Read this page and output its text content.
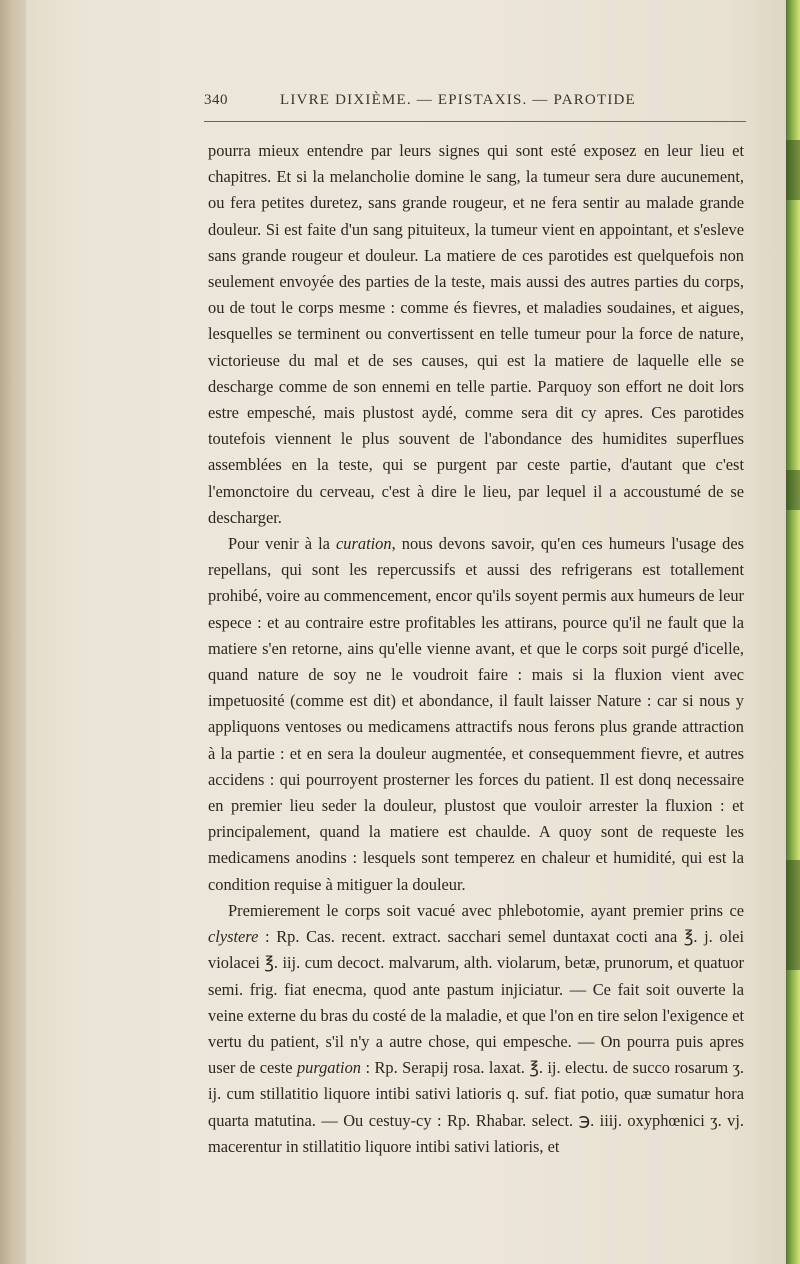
340	LIVRE DIXIÈME. — EPISTAXIS. — PAROTIDE

pourra mieux entendre par leurs signes qui sont esté exposez en leur lieu et chapitres. Et si la melancholie domine le sang, la tumeur sera dure aucunement, ou fera petites duretez, sans grande rougeur, et ne fera sentir au malade grande douleur. Si est faite d'un sang pituiteux, la tumeur vient en appointant, et s'esleve sans grande rougeur et douleur. La matiere de ces parotides est quelquefois non seulement envoyée des parties de la teste, mais aussi des autres parties du corps, ou de tout le corps mesme : comme és fievres, et maladies soudaines, et aigues, lesquelles se terminent ou convertissent en telle tumeur pour la force de nature, victorieuse du mal et de ses causes, qui est la matiere de laquelle elle se descharge comme de son ennemi en telle partie. Parquoy son effort ne doit lors estre empesché, mais plustost aydé, comme sera dit cy apres. Ces parotides toutefois viennent le plus souvent de l'abondance des humidites superflues assemblées en la teste, qui se purgent par ceste partie, d'autant que c'est l'emonctoire du cerveau, c'est à dire le lieu, par lequel il a accoustumé de se descharger.

Pour venir à la curation, nous devons savoir, qu'en ces humeurs l'usage des repellans, qui sont les repercussifs et aussi des refrigerans est totallement prohibé, voire au commencement, encor qu'ils soyent permis aux humeurs de leur espece : et au contraire estre profitables les attirans, pource qu'il ne fault que la matiere s'en retorne, ains qu'elle vienne avant, et que le corps soit purgé d'icelle, quand nature de soy ne le voudroit faire : mais si la fluxion vient avec impetuosité (comme est dit) et abondance, il fault laisser Nature : car si nous y appliquons ventoses ou medicamens attractifs nous ferons plus grande attraction à la partie : et en sera la douleur augmentée, et consequemment fievre, et autres accidens : qui pourroyent prosterner les forces du patient. Il est donq necessaire en premier lieu seder la douleur, plustost que vouloir arrester la fluxion : et principalement, quand la matiere est chaulde. A quoy sont de requeste les medicamens anodins : lesquels sont temperez en chaleur et humidité, qui est la condition requise à mitiguer la douleur.

Premierement le corps soit vacué avec phlebotomie, ayant premier prins ce clystere : Rp. Cas. recent. extract. sacchari semel duntaxat cocti ana ℥. j. olei violacei ℥. iij. cum decoct. malvarum, alth. violarum, betæ, prunorum, et quatuor semi. frig. fiat enecma, quod ante pastum injiciatur. — Ce fait soit ouverte la veine externe du bras du costé de la maladie, et que l'on en tire selon l'exigence et vertu du patient, s'il n'y a autre chose, qui empesche. — On pourra puis apres user de ceste purgation : Rp. Serapij rosa. laxat. ℥. ij. electu. de succo rosarum ʒ. ij. cum stillatitio liquore intibi sativi latioris q. suf. fiat potio, quæ sumatur hora quarta matutina. — Ou cestuy-cy : Rp. Rhabar. select. ℈. iiij. oxyphœnici ʒ. vj. macerentur in stillatitio liquore intibi sativi latioris, et
